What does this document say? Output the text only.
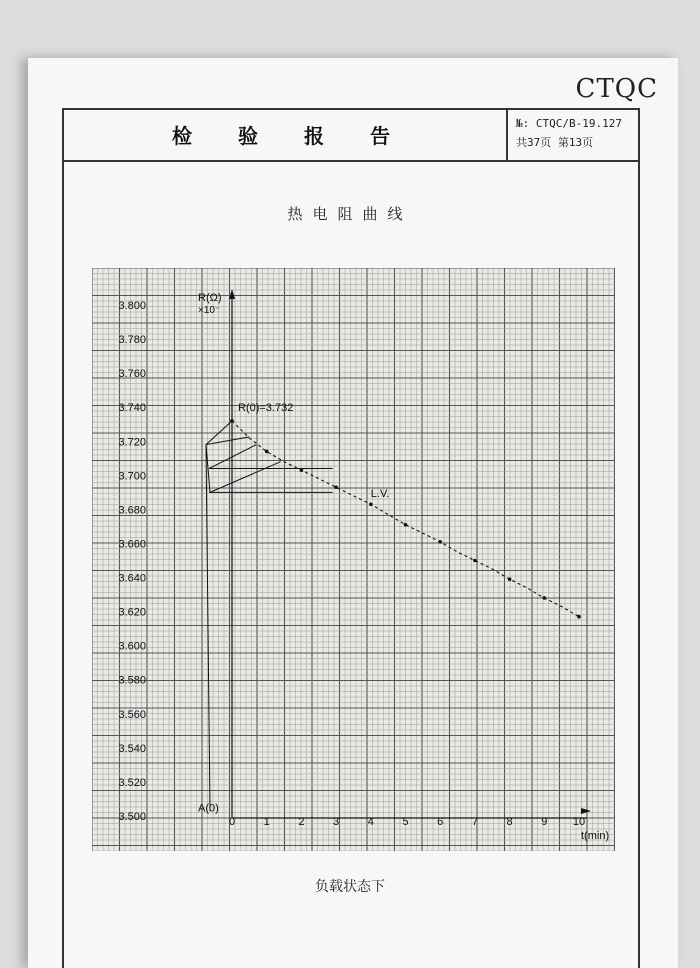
CTQC
检验报告	№: CTQC/B-19.127
共37页 第13页
热电阻曲线
3.800
3.780
3.760
3.740
3.720
3.700
3.680
3.660
3.640
3.620
3.600
3.580
3.560
3.540
3.520
3.500	0	1	2	3	4	5	6	7	8	9 10
R(Ω)
×10⁻
t(min)
R(0)=3.732
L.V.
A(0)
负载状态下
